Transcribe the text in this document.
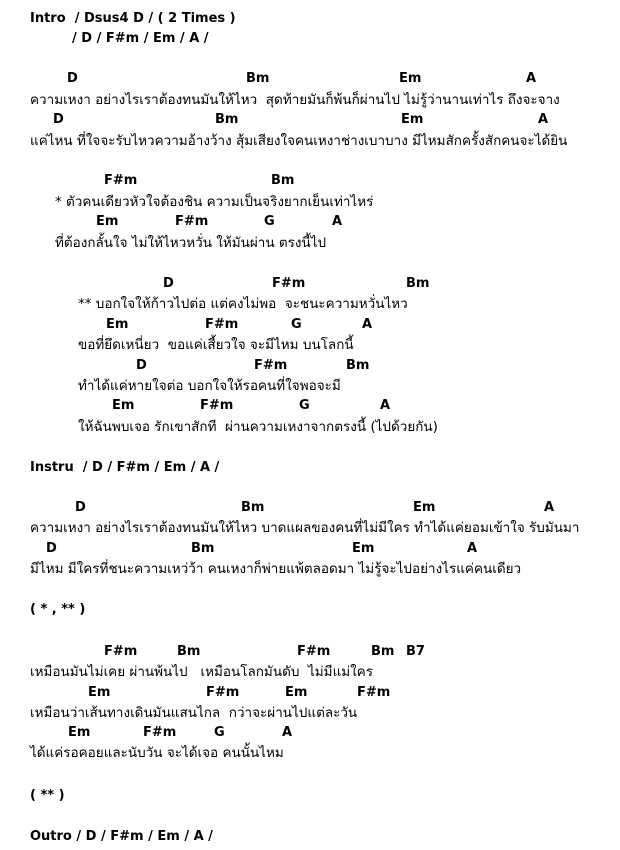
Intro  / Dsus4 D / ( 2 Times )
/ D / F#m / Em / A /
D	Bm	Em	A
ความเหงา อย่างไรเราต้องทนมันให้ไหว  สุดท้ายมันก็พ้นก็ผ่านไป ไม่รู้ว่านานเท่าไร ถึงจะจาง
D	Bm	Em	A
แค่ไหน ที่ใจจะรับไหวความอ้างว้าง สุ้มเสียงใจคนเหงาช่างเบาบาง มีไหมสักครั้งสักคนจะได้ยิน
F#m	Bm
* ตัวคนเดียวหัวใจต้องชิน ความเป็นจริงยากเย็นเท่าไหร่
Em	F#m	G	A
ที่ต้องกลั้นใจ ไม่ให้ไหวหวั่น ให้มันผ่าน ตรงนี้ไป
D	F#m	Bm
** บอกใจให้ก้าวไปต่อ แต่คงไม่พอ  จะชนะความหวั่นไหว
Em	F#m	G	A
ขอที่ยึดเหนี่ยว  ขอแค่เสี้ยวใจ จะมีไหม บนโลกนี้
D	F#m	Bm
ทำได้แค่หายใจต่อ บอกใจให้รอคนที่ใจพอจะมี
Em	F#m	G	A
ให้ฉันพบเจอ รักเขาสักที  ผ่านความเหงาจากตรงนี้ (ไปด้วยกัน)
Instru  / D / F#m / Em / A /
D	Bm	Em	A
ความเหงา อย่างไรเราต้องทนมันให้ไหว บาดแผลของคนที่ไม่มีใคร ทำได้แค่ยอมเข้าใจ รับมันมา
D	Bm	Em	A
มีไหม มีใครที่ชนะความเหว่ว้า คนเหงาก็พ่ายแพ้ตลอดมา ไม่รู้จะไปอย่างไรแค่คนเดียว
( * , ** )
F#m	Bm	F#m	Bm B7
เหมือนมันไม่เคย ผ่านพ้นไป   เหมือนโลกมันดับ  ไม่มีแม่ใคร
Em	F#m	Em	F#m
เหมือนว่าเส้นทางเดินมันแสนไกล  กว่าจะผ่านไปแต่ละวัน
Em	F#m	G	A
ได้แค่รอคอยและนับวัน จะได้เจอ คนนั้นไหม
( ** )
Outro / D / F#m / Em / A /
